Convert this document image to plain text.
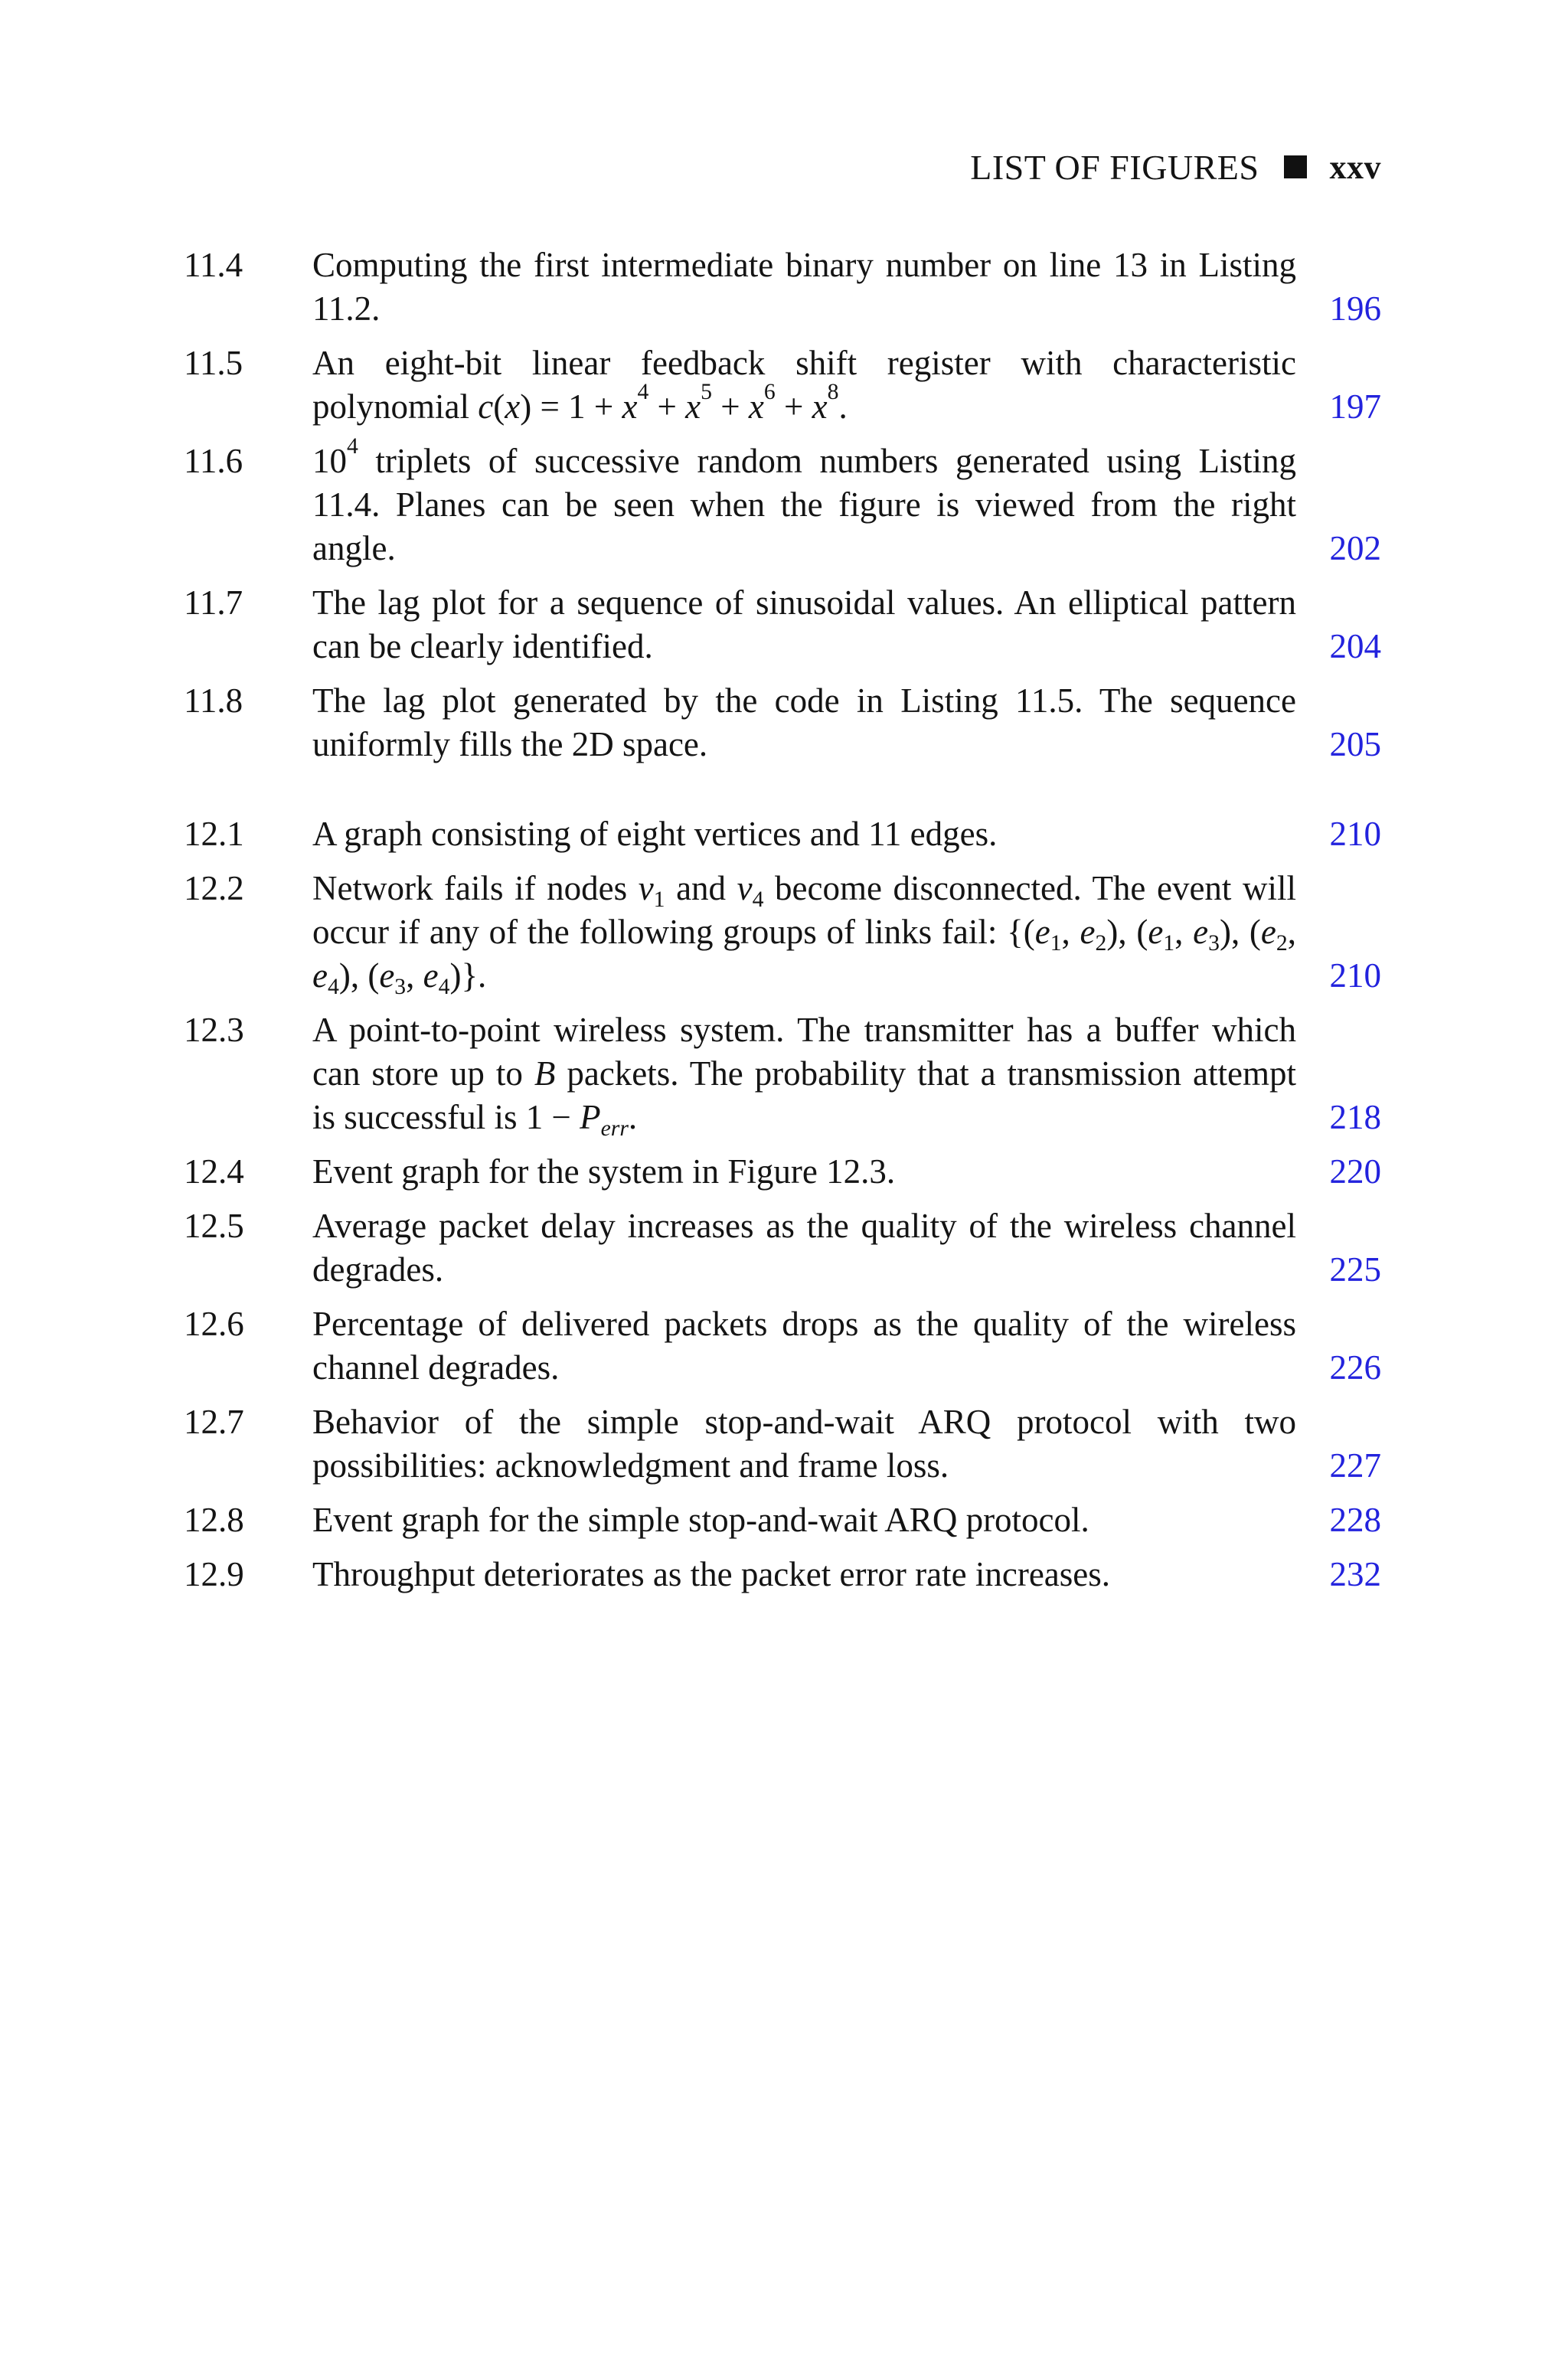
LIST OF FIGURES xxv
11.4	Computing the first intermediate binary number on line 13 in Listing 11.2.	196
11.5	An eight-bit linear feedback shift register with characteristic polynomial $c(x) = 1 + x^4 + x^5 + x^6 + x^8$.	197
11.6	$10^4$ triplets of successive random numbers generated using Listing 11.4. Planes can be seen when the figure is viewed from the right angle.	202
11.7	The lag plot for a sequence of sinusoidal values. An elliptical pattern can be clearly identified.	204
11.8	The lag plot generated by the code in Listing 11.5. The sequence uniformly fills the 2D space.	205
12.1	A graph consisting of eight vertices and 11 edges.	210
12.2	Network fails if nodes $v_1$ and $v_4$ become disconnected. The event will occur if any of the following groups of links fail: {($e_1$, $e_2$), ($e_1$, $e_3$), ($e_2$, $e_4$), ($e_3$, $e_4$)}.	210
12.3	A point-to-point wireless system. The transmitter has a buffer which can store up to B packets. The probability that a transmission attempt is successful is $1 - P_{err}$.	218
12.4	Event graph for the system in Figure 12.3.	220
12.5	Average packet delay increases as the quality of the wireless channel degrades.	225
12.6	Percentage of delivered packets drops as the quality of the wireless channel degrades.	226
12.7	Behavior of the simple stop-and-wait ARQ protocol with two possibilities: acknowledgment and frame loss.	227
12.8	Event graph for the simple stop-and-wait ARQ protocol.	228
12.9	Throughput deteriorates as the packet error rate increases.	232
